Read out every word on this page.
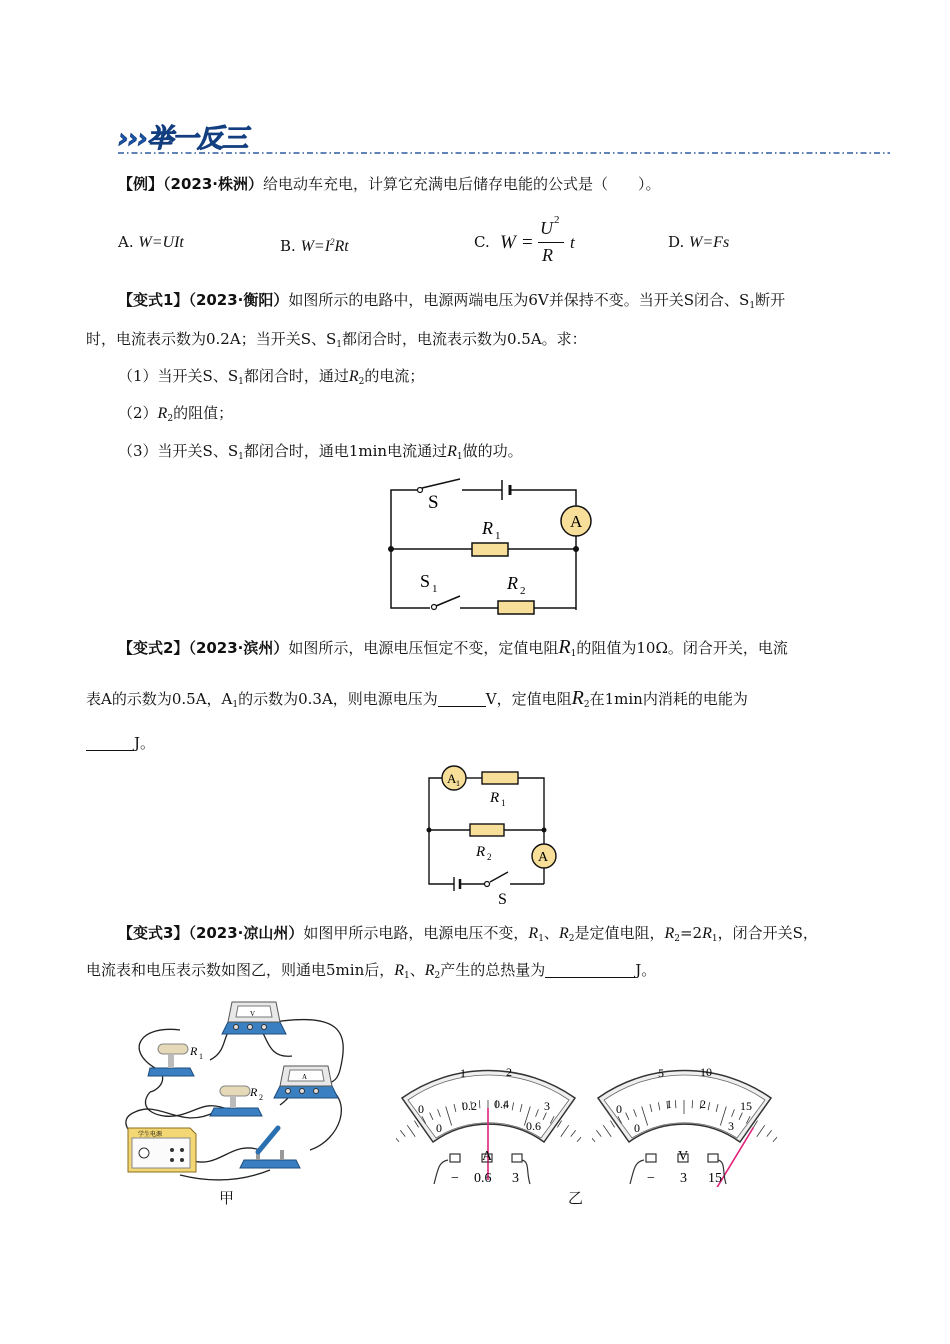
›››举一反三
【例】（2023·株洲）给电动车充电，计算它充满电后储存电能的公式是（　　）。
A. W=UIt	B. $W=I^2Rt$	C. W =
U 2
R
t	D. W=Fs
【变式1】（2023·衡阳）如图所示的电路中，电源两端电压为6V并保持不变。当开关S闭合、$S_1$断开
时，电流表示数为0.2A；当开关S、$S_1$都闭合时，电流表示数为0.5A。求：
（1）当开关S、$S_1$都闭合时，通过$R_2$的电流；
$(2)R_2$的阻值；
（3）当开关S、$S_1$都闭合时，通电1min电流通过$R_1$做的功。
S
A
R 1
S 1	R 2
【变式2】（2023·滨州）如图所示，电源电压恒定不变，定值电阻$R_1$的阻值为10Ω。闭合开关，电流
表A的示数为0.5A，$A_1$的示数为0.3A，则电源电压为	V，定值电阻$R_2$在1min内消耗的电能为
J。
A 1
A
R 1
R 2
S
【变式3】（2023·凉山州）如图甲所示电路，电源电压不变，$R_1$、$R_2$是定值电阻，$R_2=2R_1$，闭合开关S，
电流表和电压表示数如图乙，则通电5min后，$R_1$、$R_2$产生的总热量为	J。
V
R 1
R 2
A
学生电源
甲
0
1	2
3
0
0.2 0.4
0.6
A
− 0.6 3
0
5	10
15
0
1 2
3
V
− 3 15
乙
